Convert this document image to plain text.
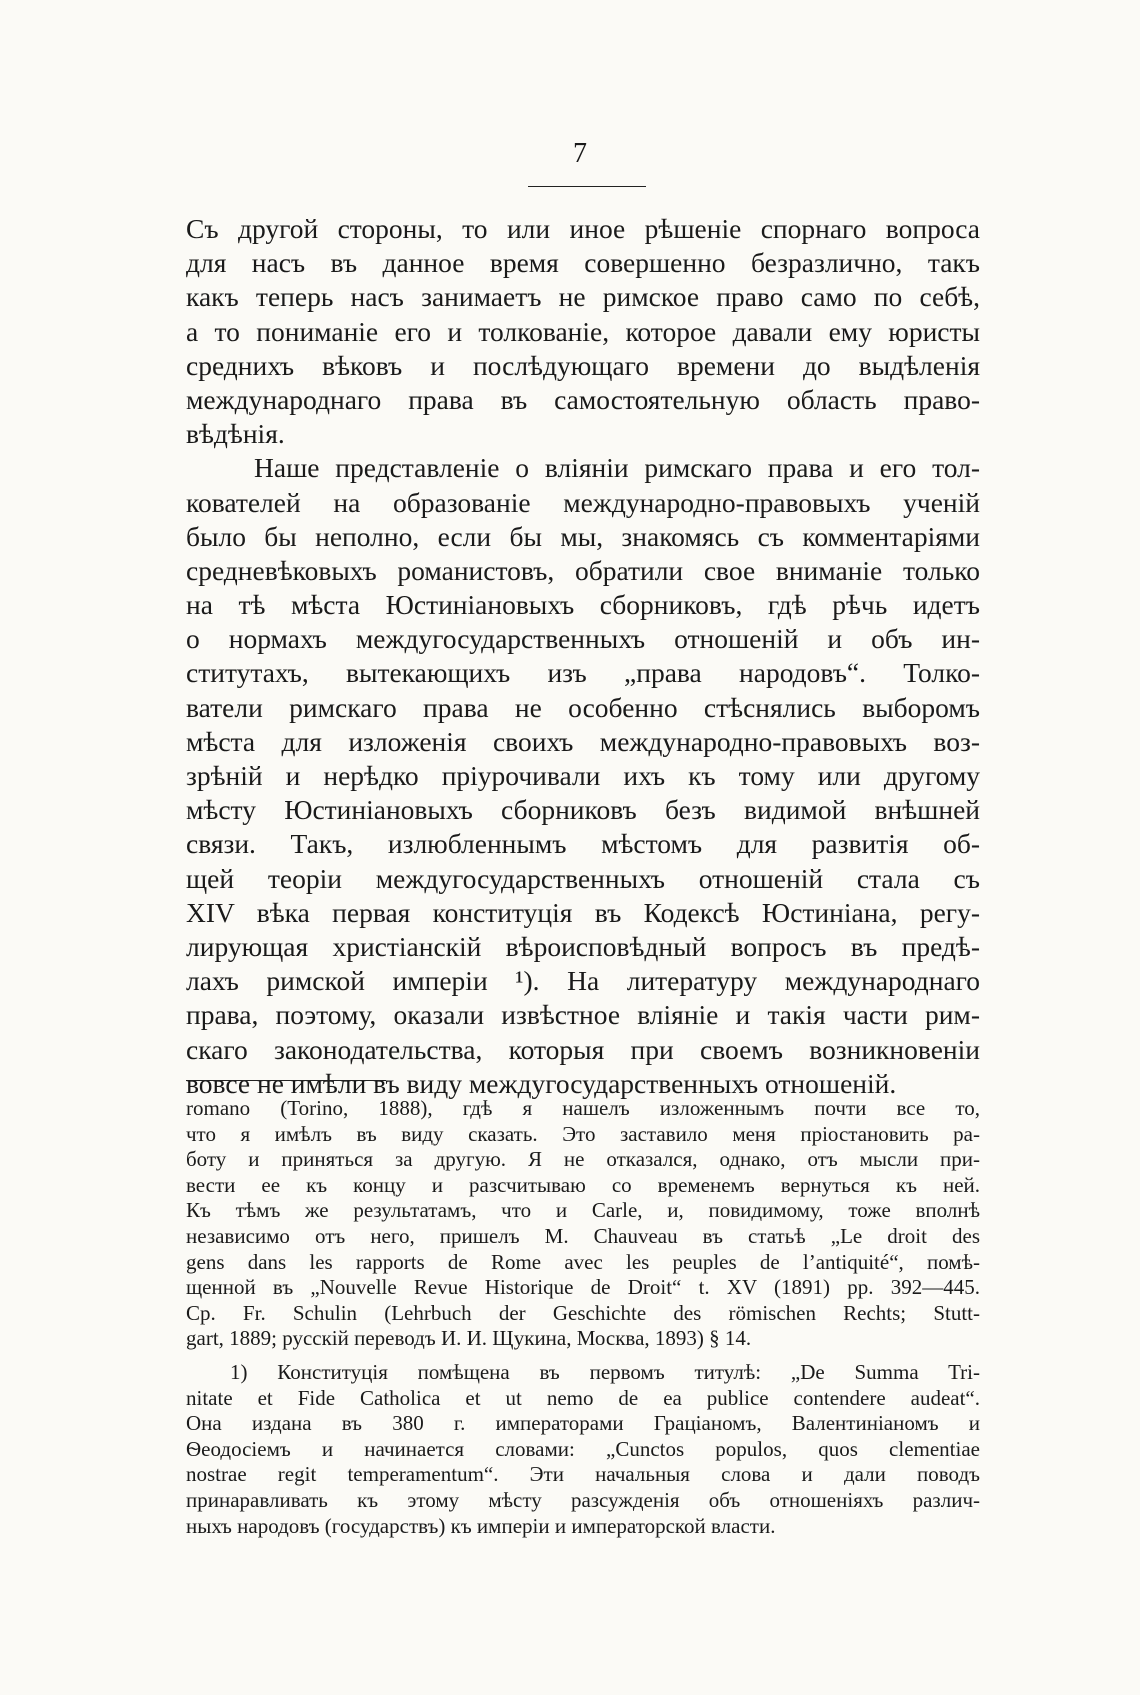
7
Съ другой стороны, то или иное рѣшеніе спорнаго вопроса
для насъ въ данное время совершенно безразлично, такъ
какъ теперь насъ занимаетъ не римское право само по себѣ,
а то пониманіе его и толкованіе, которое давали ему юристы
среднихъ вѣковъ и послѣдующаго времени до выдѣленія
международнаго права въ самостоятельную область право-
вѣдѣнія.
Наше представленіе о вліяніи римскаго права и его тол-
кователей на образованіе международно-правовыхъ ученій
было бы неполно, если бы мы, знакомясь съ комментаріями
средневѣковыхъ романистовъ, обратили свое вниманіе только
на тѣ мѣста Юстиніановыхъ сборниковъ, гдѣ рѣчь идетъ
о нормахъ междугосударственныхъ отношеній и объ ин-
ститутахъ, вытекающихъ изъ „права народовъ“. Толко-
ватели римскаго права не особенно стѣснялись выборомъ
мѣста для изложенія своихъ международно-правовыхъ воз-
зрѣній и нерѣдко пріурочивали ихъ къ тому или другому
мѣсту Юстиніановыхъ сборниковъ безъ видимой внѣшней
связи. Такъ, излюбленнымъ мѣстомъ для развитія об-
щей теоріи междугосударственныхъ отношеній стала съ
XIV вѣка первая конституція въ Кодексѣ Юстиніана, регу-
лирующая христіанскій вѣроисповѣдный вопросъ въ предѣ-
лахъ римской имперіи ¹). На литературу международнаго
права, поэтому, оказали извѣстное вліяніе и такія части рим-
скаго законодательства, которыя при своемъ возникновеніи
вовсе не имѣли въ виду междугосударственныхъ отношеній.
romano (Torino, 1888), гдѣ я нашелъ изложеннымъ почти все то,
что я имѣлъ въ виду сказать. Это заставило меня пріостановить ра-
боту и приняться за другую. Я не отказался, однако, отъ мысли при-
вести ее къ концу и разсчитываю со временемъ вернуться къ ней.
Къ тѣмъ же результатамъ, что и Carle, и, повидимому, тоже вполнѣ
независимо отъ него, пришелъ M. Chauveau въ статьѣ „Le droit des
gens dans les rapports de Rome avec les peuples de l’antiquité“, помѣ-
щенной въ „Nouvelle Revue Historique de Droit“ t. XV (1891) pp. 392—445.
Cp. Fr. Schulin (Lehrbuch der Geschichte des römischen Rechts; Stutt-
gart, 1889; русскій переводъ И. И. Щукина, Москва, 1893) § 14.
1) Конституція помѣщена въ первомъ титулѣ: „De Summa Tri-
nitate et Fide Catholica et ut nemo de ea publice contendere audeat“.
Она издана въ 380 г. императорами Граціаномъ, Валентиніаномъ и
Ѳеодосіемъ и начинается словами: „Cunctos populos, quos clementiae
nostrae regit temperamentum“. Эти начальныя слова и дали поводъ
принаравливать къ этому мѣсту разсужденія объ отношеніяхъ различ-
ныхъ народовъ (государствъ) къ имперіи и императорской власти.
